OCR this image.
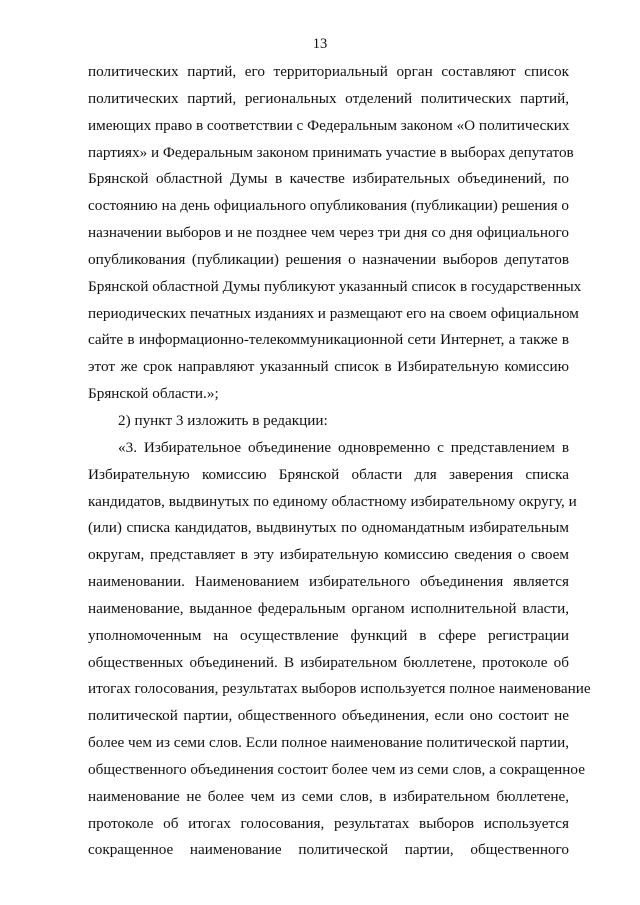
13
политических партий, его территориальный орган составляют список
политических партий, региональных отделений политических партий,
имеющих право в соответствии с Федеральным законом «О политических
партиях» и Федеральным законом принимать участие в выборах депутатов
Брянской областной Думы в качестве избирательных объединений, по
состоянию на день официального опубликования (публикации) решения о
назначении выборов и не позднее чем через три дня со дня официального
опубликования (публикации) решения о назначении выборов депутатов
Брянской областной Думы публикуют указанный список в государственных
периодических печатных изданиях и размещают его на своем официальном
сайте в информационно-телекоммуникационной сети Интернет, а также в
этот же срок направляют указанный список в Избирательную комиссию
Брянской области.»;
2) пункт 3 изложить в редакции:
«3. Избирательное объединение одновременно с представлением в
Избирательную комиссию Брянской области для заверения списка
кандидатов, выдвинутых по единому областному избирательному округу, и
(или) списка кандидатов, выдвинутых по одномандатным избирательным
округам, представляет в эту избирательную комиссию сведения о своем
наименовании. Наименованием избирательного объединения является
наименование, выданное федеральным органом исполнительной власти,
уполномоченным на осуществление функций в сфере регистрации
общественных объединений. В избирательном бюллетене, протоколе об
итогах голосования, результатах выборов используется полное наименование
политической партии, общественного объединения, если оно состоит не
более чем из семи слов. Если полное наименование политической партии,
общественного объединения состоит более чем из семи слов, а сокращенное
наименование не более чем из семи слов, в избирательном бюллетене,
протоколе об итогах голосования, результатах выборов используется
сокращенное наименование политической партии, общественного
